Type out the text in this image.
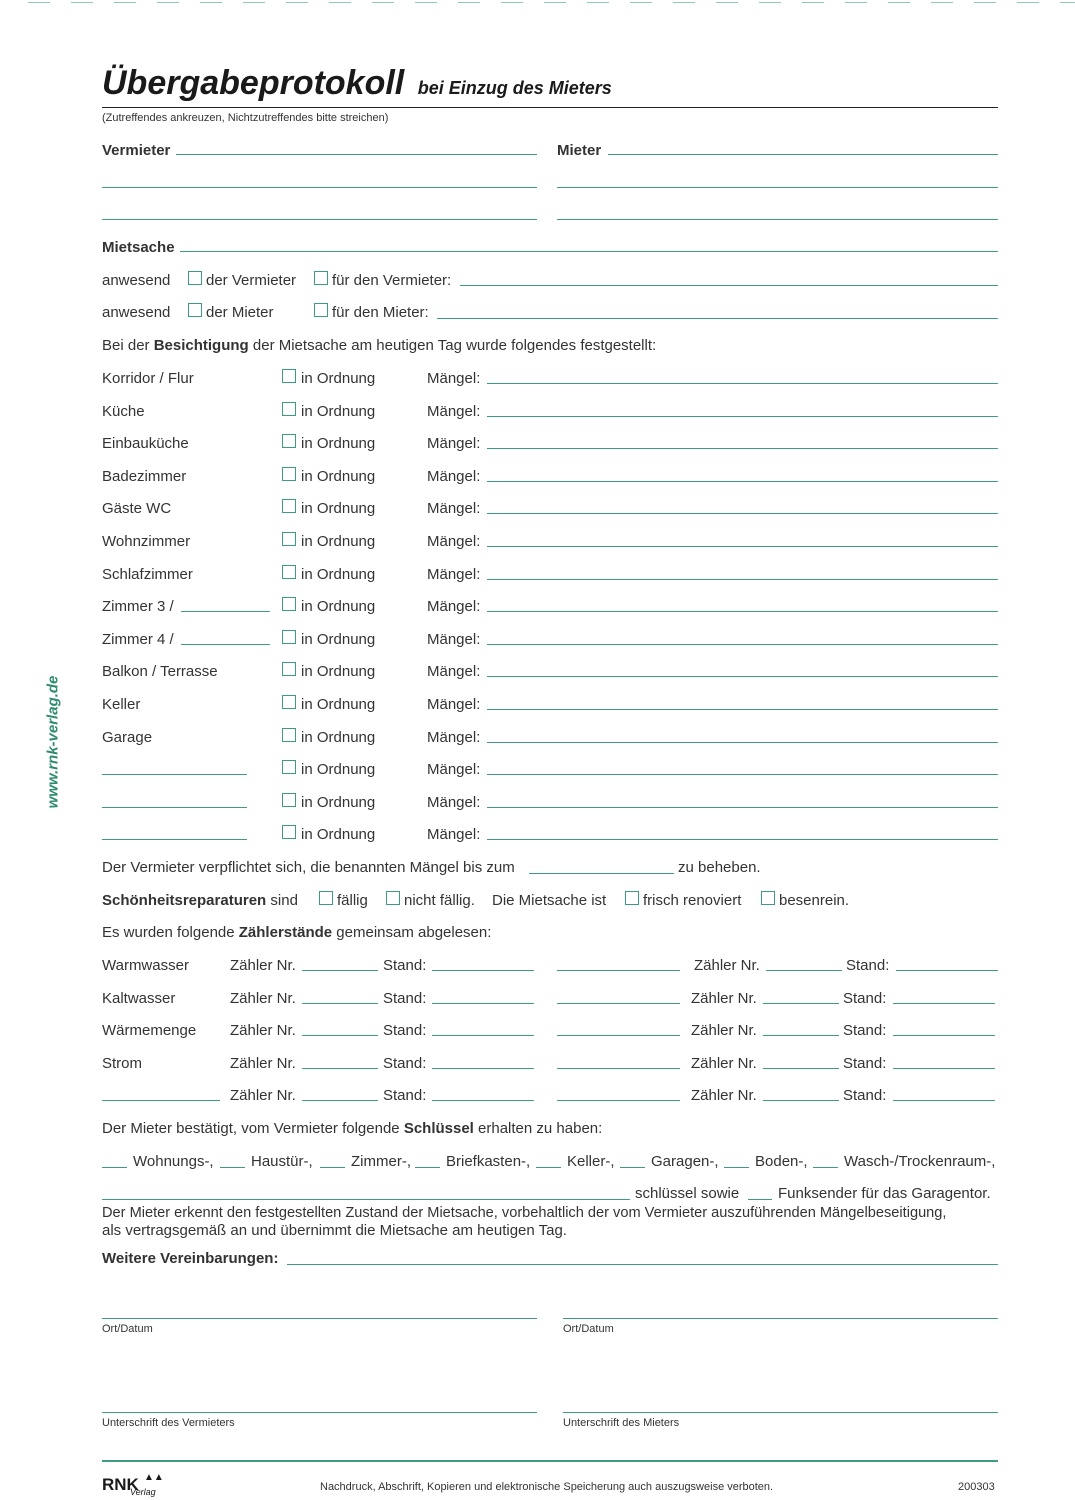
www.rnk-verlag.de
Übergabeprotokoll bei Einzug des Mieters
(Zutreffendes ankreuzen, Nichtzutreffendes bitte streichen)
Vermieter	Mieter
Mietsache
anwesend der Vermieter für den Vermieter:
anwesend der Mieter	für den Mieter:
Bei der Besichtigung der Mietsache am heutigen Tag wurde folgendes festgestellt:
Korridor / Flur	in Ordnung	Mängel:
Küche	in Ordnung	Mängel:
Einbauküche	in Ordnung	Mängel:
Badezimmer	in Ordnung	Mängel:
Gäste WC	in Ordnung	Mängel:
Wohnzimmer	in Ordnung	Mängel:
Schlafzimmer	in Ordnung	Mängel:
Zimmer 3 /	in Ordnung	Mängel:
Zimmer 4 /	in Ordnung	Mängel:
Balkon / Terrasse	in Ordnung	Mängel:
Keller	in Ordnung	Mängel:
Garage	in Ordnung	Mängel:
in Ordnung	Mängel:
in Ordnung	Mängel:
in Ordnung	Mängel:
Der Vermieter verpflichtet sich, die benannten Mängel bis zum	zu beheben.
Schönheitsreparaturen sind	fällig nicht fällig. Die Mietsache ist frisch renoviert	besenrein.
Es wurden folgende Zählerstände gemeinsam abgelesen:
Warmwasser	Zähler Nr.	Stand:	Zähler Nr.	Stand:
Kaltwasser	Zähler Nr.	Stand:	Zähler Nr.	Stand:
Wärmemenge Zähler Nr.	Stand:	Zähler Nr.	Stand:
Strom	Zähler Nr.	Stand:	Zähler Nr.	Stand:
Zähler Nr.	Stand:	Zähler Nr.	Stand:
Der Mieter bestätigt, vom Vermieter folgende Schlüssel erhalten zu haben:
Wohnungs-, Haustür-,	Zimmer-, Briefkasten-, Keller-, Garagen-, Boden-, Wasch-/Trockenraum-,
schlüssel sowie	Funksender für das Garagentor.
Der Mieter erkennt den festgestellten Zustand der Mietsache, vorbehaltlich der vom Vermieter auszuführenden Mängelbeseitigung,
als vertragsgemäß an und übernimmt die Mietsache am heutigen Tag.
Weitere Vereinbarungen:
Ort/Datum	Ort/Datum
Unterschrift des Vermieters	Unterschrift des Mieters
RNK ▲▲
Verlag	Nachdruck, Abschrift, Kopieren und elektronische Speicherung auch auszugsweise verboten.	200303
